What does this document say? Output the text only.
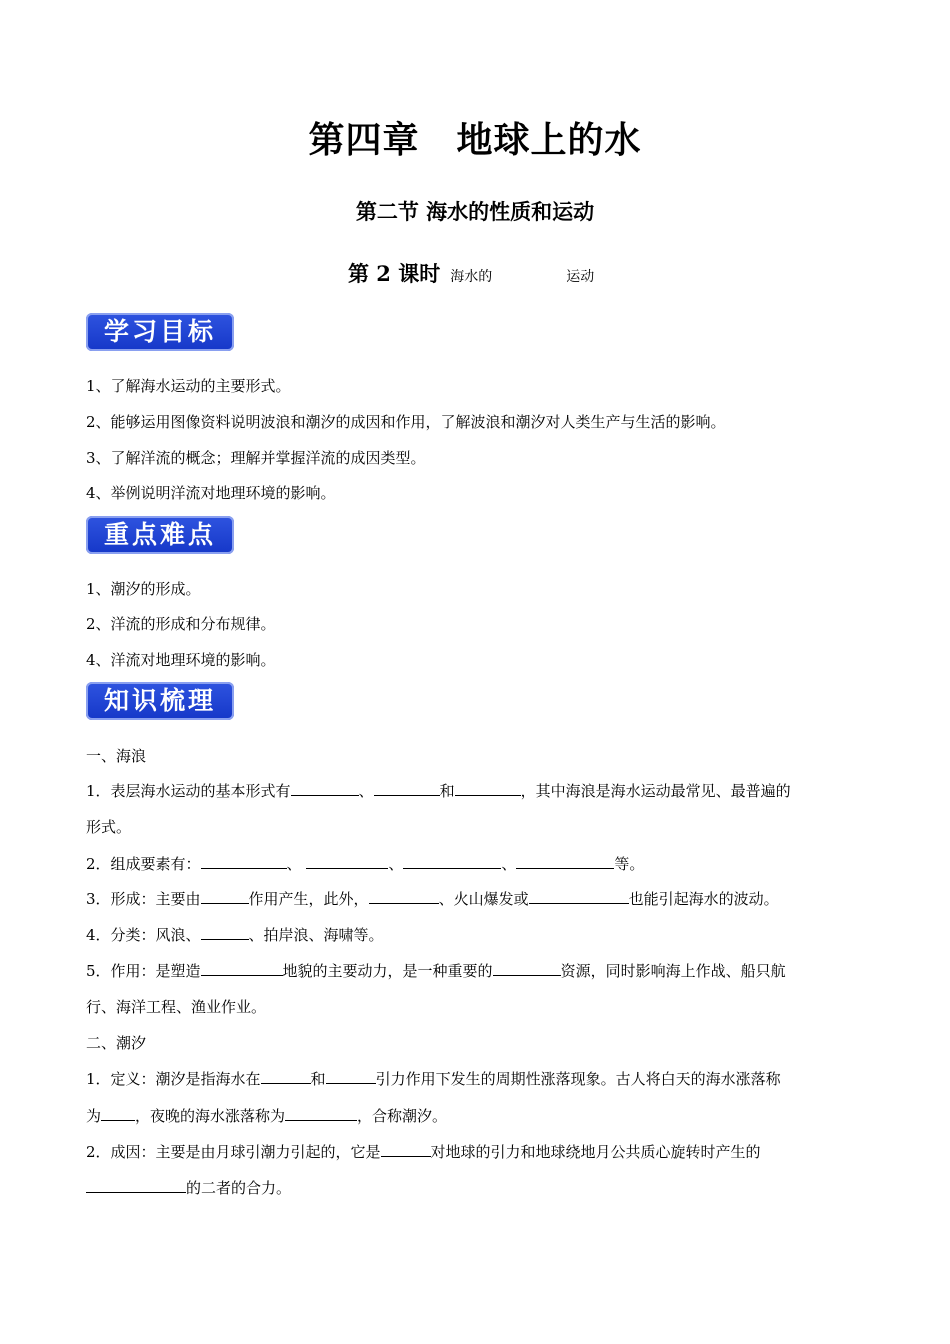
第四章　地球上的水
第二节 海水的性质和运动
第 2 课时 海水的	运动
学习目标
1、了解海水运动的主要形式。
2、能够运用图像资料说明波浪和潮汐的成因和作用，了解波浪和潮汐对人类生产与生活的影响。
3、了解洋流的概念；理解并掌握洋流的成因类型。
4、举例说明洋流对地理环境的影响。
重点难点
1、潮汐的形成。
2、洋流的形成和分布规律。
4、洋流对地理环境的影响。
知识梳理
一、海浪
1．表层海水运动的基本形式有	、	和	，其中海浪是海水运动最常见、最普遍的
形式。
2．组成要素有：	、	、	、	等。
3．形成：主要由	作用产生，此外，	、火山爆发或	也能引起海水的波动。
4．分类：风浪、	、拍岸浪、海啸等。
5．作用：是塑造	地貌的主要动力，是一种重要的	资源，同时影响海上作战、船只航
行、海洋工程、渔业作业。
二、潮汐
1．定义：潮汐是指海水在	和	引力作用下发生的周期性涨落现象。古人将白天的海水涨落称
为 ，夜晚的海水涨落称为	，合称潮汐。
2．成因：主要是由月球引潮力引起的，它是	对地球的引力和地球绕地月公共质心旋转时产生的
的二者的合力。
